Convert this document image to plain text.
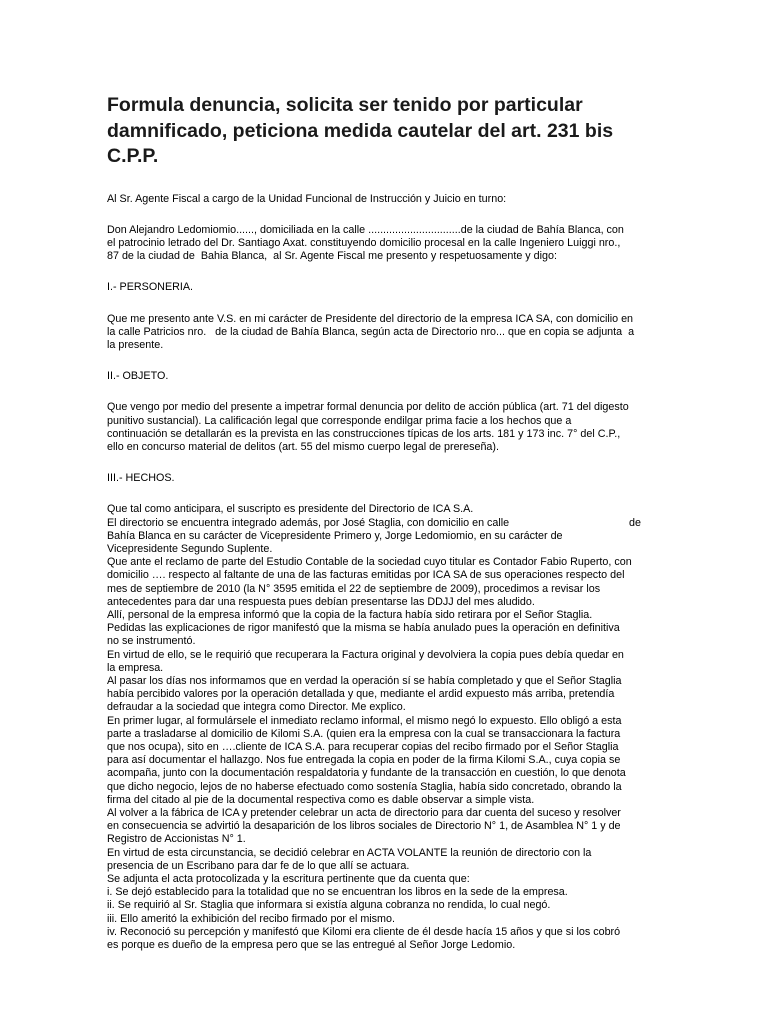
Formula denuncia, solicita ser tenido por particular damnificado, peticiona medida cautelar del art. 231 bis C.P.P.
Al Sr. Agente Fiscal a cargo de la Unidad Funcional de Instrucción y Juicio en turno:
Don Alejandro Ledomiomio......, domiciliada en la calle ...............................de la ciudad de Bahía Blanca, con
el patrocinio letrado del Dr. Santiago Axat. constituyendo domicilio procesal en la calle Ingeniero Luiggi nro.,
87 de la ciudad de  Bahia Blanca,  al Sr. Agente Fiscal me presento y respetuosamente y digo:
I.- PERSONERIA.
Que me presento ante V.S. en mi carácter de Presidente del directorio de la empresa ICA SA, con domicilio en
la calle Patricios nro.   de la ciudad de Bahía Blanca, según acta de Directorio nro... que en copia se adjunta  a
la presente.
II.- OBJETO.
Que vengo por medio del presente a impetrar formal denuncia por delito de acción pública (art. 71 del digesto
punitivo sustancial). La calificación legal que corresponde endilgar prima facie a los hechos que a
continuación se detallarán es la prevista en las construcciones típicas de los arts. 181 y 173 inc. 7° del C.P.,
ello en concurso material de delitos (art. 55 del mismo cuerpo legal de prereseña).
III.- HECHOS.
Que tal como anticipara, el suscripto es presidente del Directorio de ICA S.A.
El directorio se encuentra integrado además, por José Staglia, con domicilio en calle	de
Bahía Blanca en su carácter de Vicepresidente Primero y, Jorge Ledomiomio, en su carácter de
Vicepresidente Segundo Suplente.
Que ante el reclamo de parte del Estudio Contable de la sociedad cuyo titular es Contador Fabio Ruperto, con
domicilio …. respecto al faltante de una de las facturas emitidas por ICA SA de sus operaciones respecto del
mes de septiembre de 2010 (la N° 3595 emitida el 22 de septiembre de 2009), procedimos a revisar los
antecedentes para dar una respuesta pues debían presentarse las DDJJ del mes aludido.
Allí, personal de la empresa informó que la copia de la factura había sido retirara por el Señor Staglia.
Pedidas las explicaciones de rigor manifestó que la misma se había anulado pues la operación en definitiva
no se instrumentó.
En virtud de ello, se le requirió que recuperara la Factura original y devolviera la copia pues debía quedar en
la empresa.
Al pasar los días nos informamos que en verdad la operación sí se había completado y que el Señor Staglia
había percibido valores por la operación detallada y que, mediante el ardid expuesto más arriba, pretendía
defraudar a la sociedad que integra como Director. Me explico.
En primer lugar, al formulársele el inmediato reclamo informal, el mismo negó lo expuesto. Ello obligó a esta
parte a trasladarse al domicilio de Kilomi S.A. (quien era la empresa con la cual se transaccionara la factura
que nos ocupa), sito en ….cliente de ICA S.A. para recuperar copias del recibo firmado por el Señor Staglia
para así documentar el hallazgo. Nos fue entregada la copia en poder de la firma Kilomi S.A., cuya copia se
acompaña, junto con la documentación respaldatoria y fundante de la transacción en cuestión, lo que denota
que dicho negocio, lejos de no haberse efectuado como sostenía Staglia, había sido concretado, obrando la
firma del citado al pie de la documental respectiva como es dable observar a simple vista.
Al volver a la fábrica de ICA y pretender celebrar un acta de directorio para dar cuenta del suceso y resolver
en consecuencia se advirtió la desaparición de los libros sociales de Directorio N° 1, de Asamblea N° 1 y de
Registro de Accionistas N° 1.
En virtud de esta circunstancia, se decidió celebrar en ACTA VOLANTE la reunión de directorio con la
presencia de un Escribano para dar fe de lo que allí se actuara.
Se adjunta el acta protocolizada y la escritura pertinente que da cuenta que:
i. Se dejó establecido para la totalidad que no se encuentran los libros en la sede de la empresa.
ii. Se requirió al Sr. Staglia que informara si existía alguna cobranza no rendida, lo cual negó.
iii. Ello ameritó la exhibición del recibo firmado por el mismo.
iv. Reconoció su percepción y manifestó que Kilomi era cliente de él desde hacía 15 años y que si los cobró
es porque es dueño de la empresa pero que se las entregué al Señor Jorge Ledomio.
